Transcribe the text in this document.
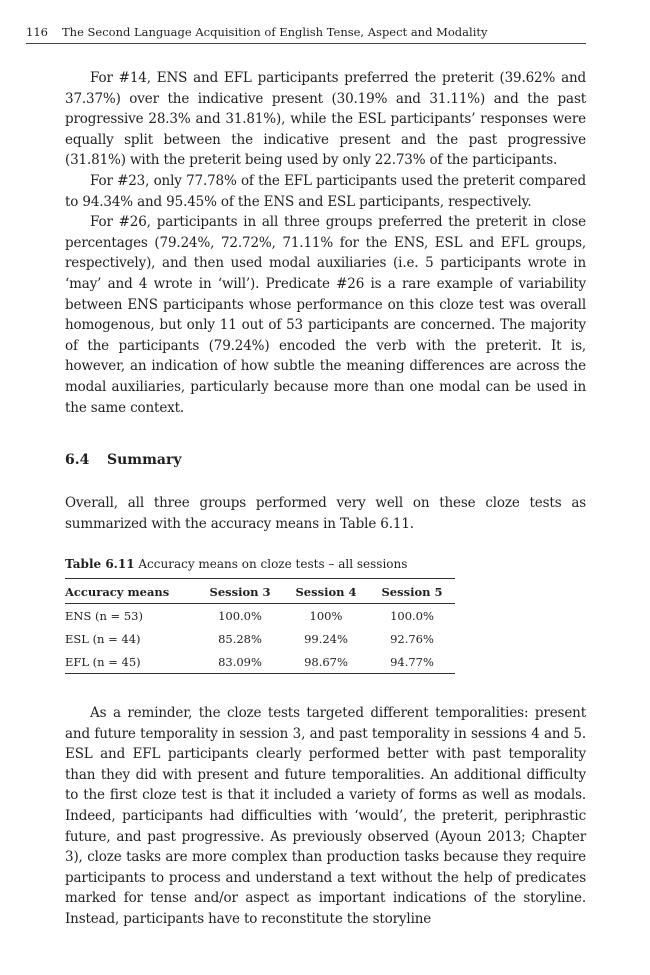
116 The Second Language Acquisition of English Tense, Aspect and Modality

For #14, ENS and EFL participants preferred the preterit (39.62% and 37.37%) over the indicative present (30.19% and 31.11%) and the past progressive 28.3% and 31.81%), while the ESL participants’ responses were equally split between the indicative present and the past progressive (31.81%) with the preterit being used by only 22.73% of the participants.

For #23, only 77.78% of the EFL participants used the preterit compared to 94.34% and 95.45% of the ENS and ESL participants, respectively.

For #26, participants in all three groups preferred the preterit in close percentages (79.24%, 72.72%, 71.11% for the ENS, ESL and EFL groups, respectively), and then used modal auxiliaries (i.e. 5 participants wrote in ‘may’ and 4 wrote in ‘will’). Predicate #26 is a rare example of variability between ENS participants whose performance on this cloze test was overall homogenous, but only 11 out of 53 participants are concerned. The majority of the participants (79.24%) encoded the verb with the preterit. It is, however, an indication of how subtle the meaning differences are across the modal auxiliaries, particularly because more than one modal can be used in the same context.

6.4 Summary

Overall, all three groups performed very well on these cloze tests as summarized with the accuracy means in Table 6.11.

Table 6.11 Accuracy means on cloze tests – all sessions
Accuracy means	Session 3	Session 4	Session 5
ENS (n = 53)	100.0%	100%	100.0%
ESL (n = 44)	85.28%	99.24%	92.76%
EFL (n = 45)	83.09%	98.67%	94.77%

As a reminder, the cloze tests targeted different temporalities: present and future temporality in session 3, and past temporality in sessions 4 and 5. ESL and EFL participants clearly performed better with past temporality than they did with present and future temporalities. An additional difficulty to the first cloze test is that it included a variety of forms as well as modals. Indeed, participants had difficulties with ‘would’, the preterit, periphrastic future, and past progressive. As previously observed (Ayoun 2013; Chapter 3), cloze tasks are more complex than production tasks because they require participants to process and understand a text without the help of predicates marked for tense and/or aspect as important indications of the storyline. Instead, participants have to reconstitute the storyline
